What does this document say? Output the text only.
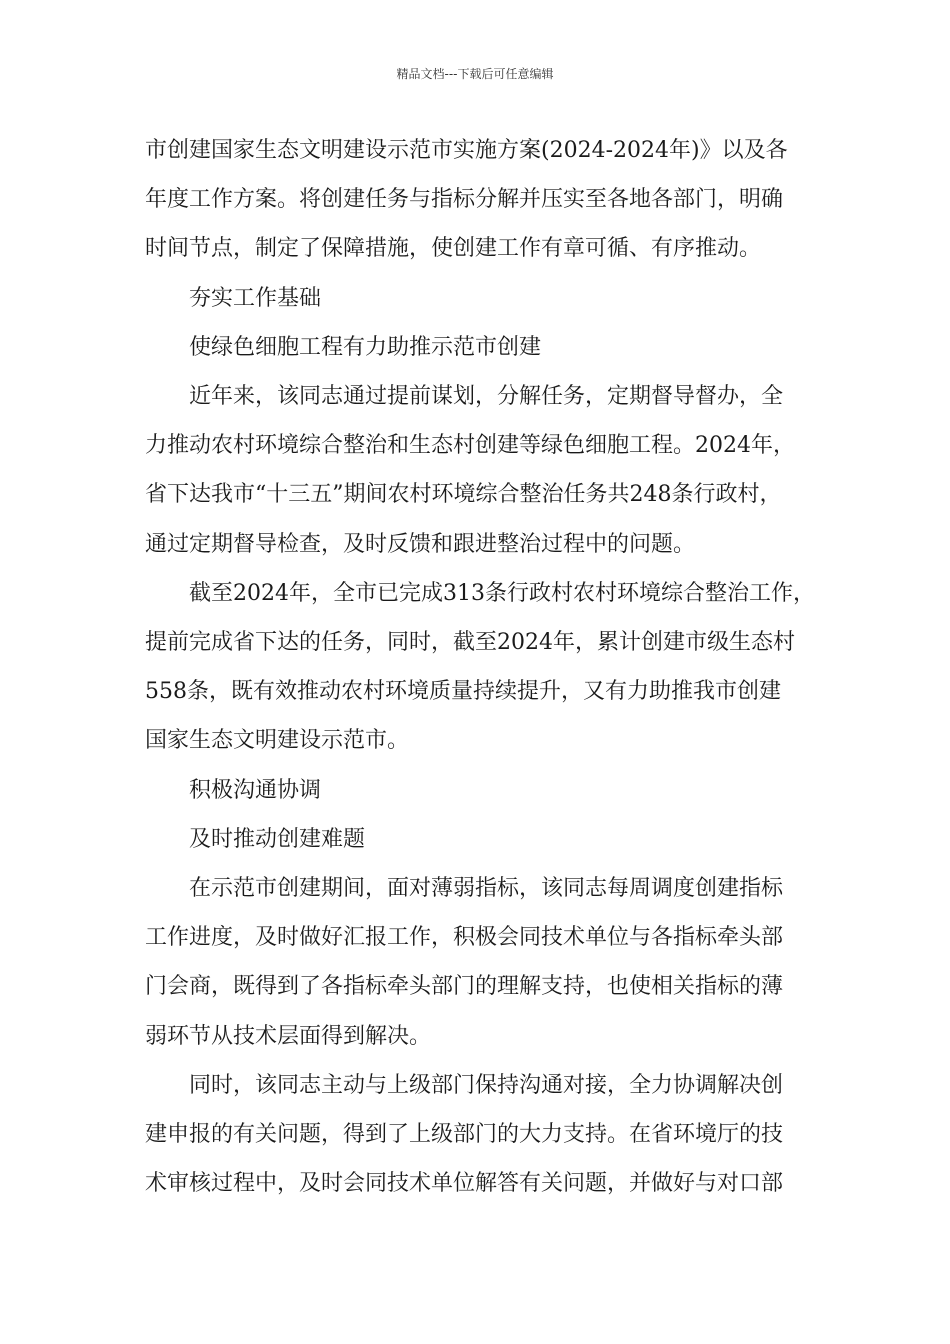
精品文档---下载后可任意编辑

市创建国家生态文明建设示范市实施方案(2024-2024年)》以及各
年度工作方案。将创建任务与指标分解并压实至各地各部门，明确
时间节点，制定了保障措施，使创建工作有章可循、有序推动。

夯实工作基础

使绿色细胞工程有力助推示范市创建

近年来，该同志通过提前谋划，分解任务，定期督导督办，全
力推动农村环境综合整治和生态村创建等绿色细胞工程。2024年，
省下达我市“十三五”期间农村环境综合整治任务共248条行政村，
通过定期督导检查，及时反馈和跟进整治过程中的问题。

截至2024年，全市已完成313条行政村农村环境综合整治工作，
提前完成省下达的任务，同时，截至2024年，累计创建市级生态村
558条，既有效推动农村环境质量持续提升，又有力助推我市创建
国家生态文明建设示范市。

积极沟通协调

及时推动创建难题

在示范市创建期间，面对薄弱指标，该同志每周调度创建指标
工作进度，及时做好汇报工作，积极会同技术单位与各指标牵头部
门会商，既得到了各指标牵头部门的理解支持，也使相关指标的薄
弱环节从技术层面得到解决。

同时，该同志主动与上级部门保持沟通对接，全力协调解决创
建申报的有关问题，得到了上级部门的大力支持。在省环境厅的技
术审核过程中，及时会同技术单位解答有关问题，并做好与对口部
